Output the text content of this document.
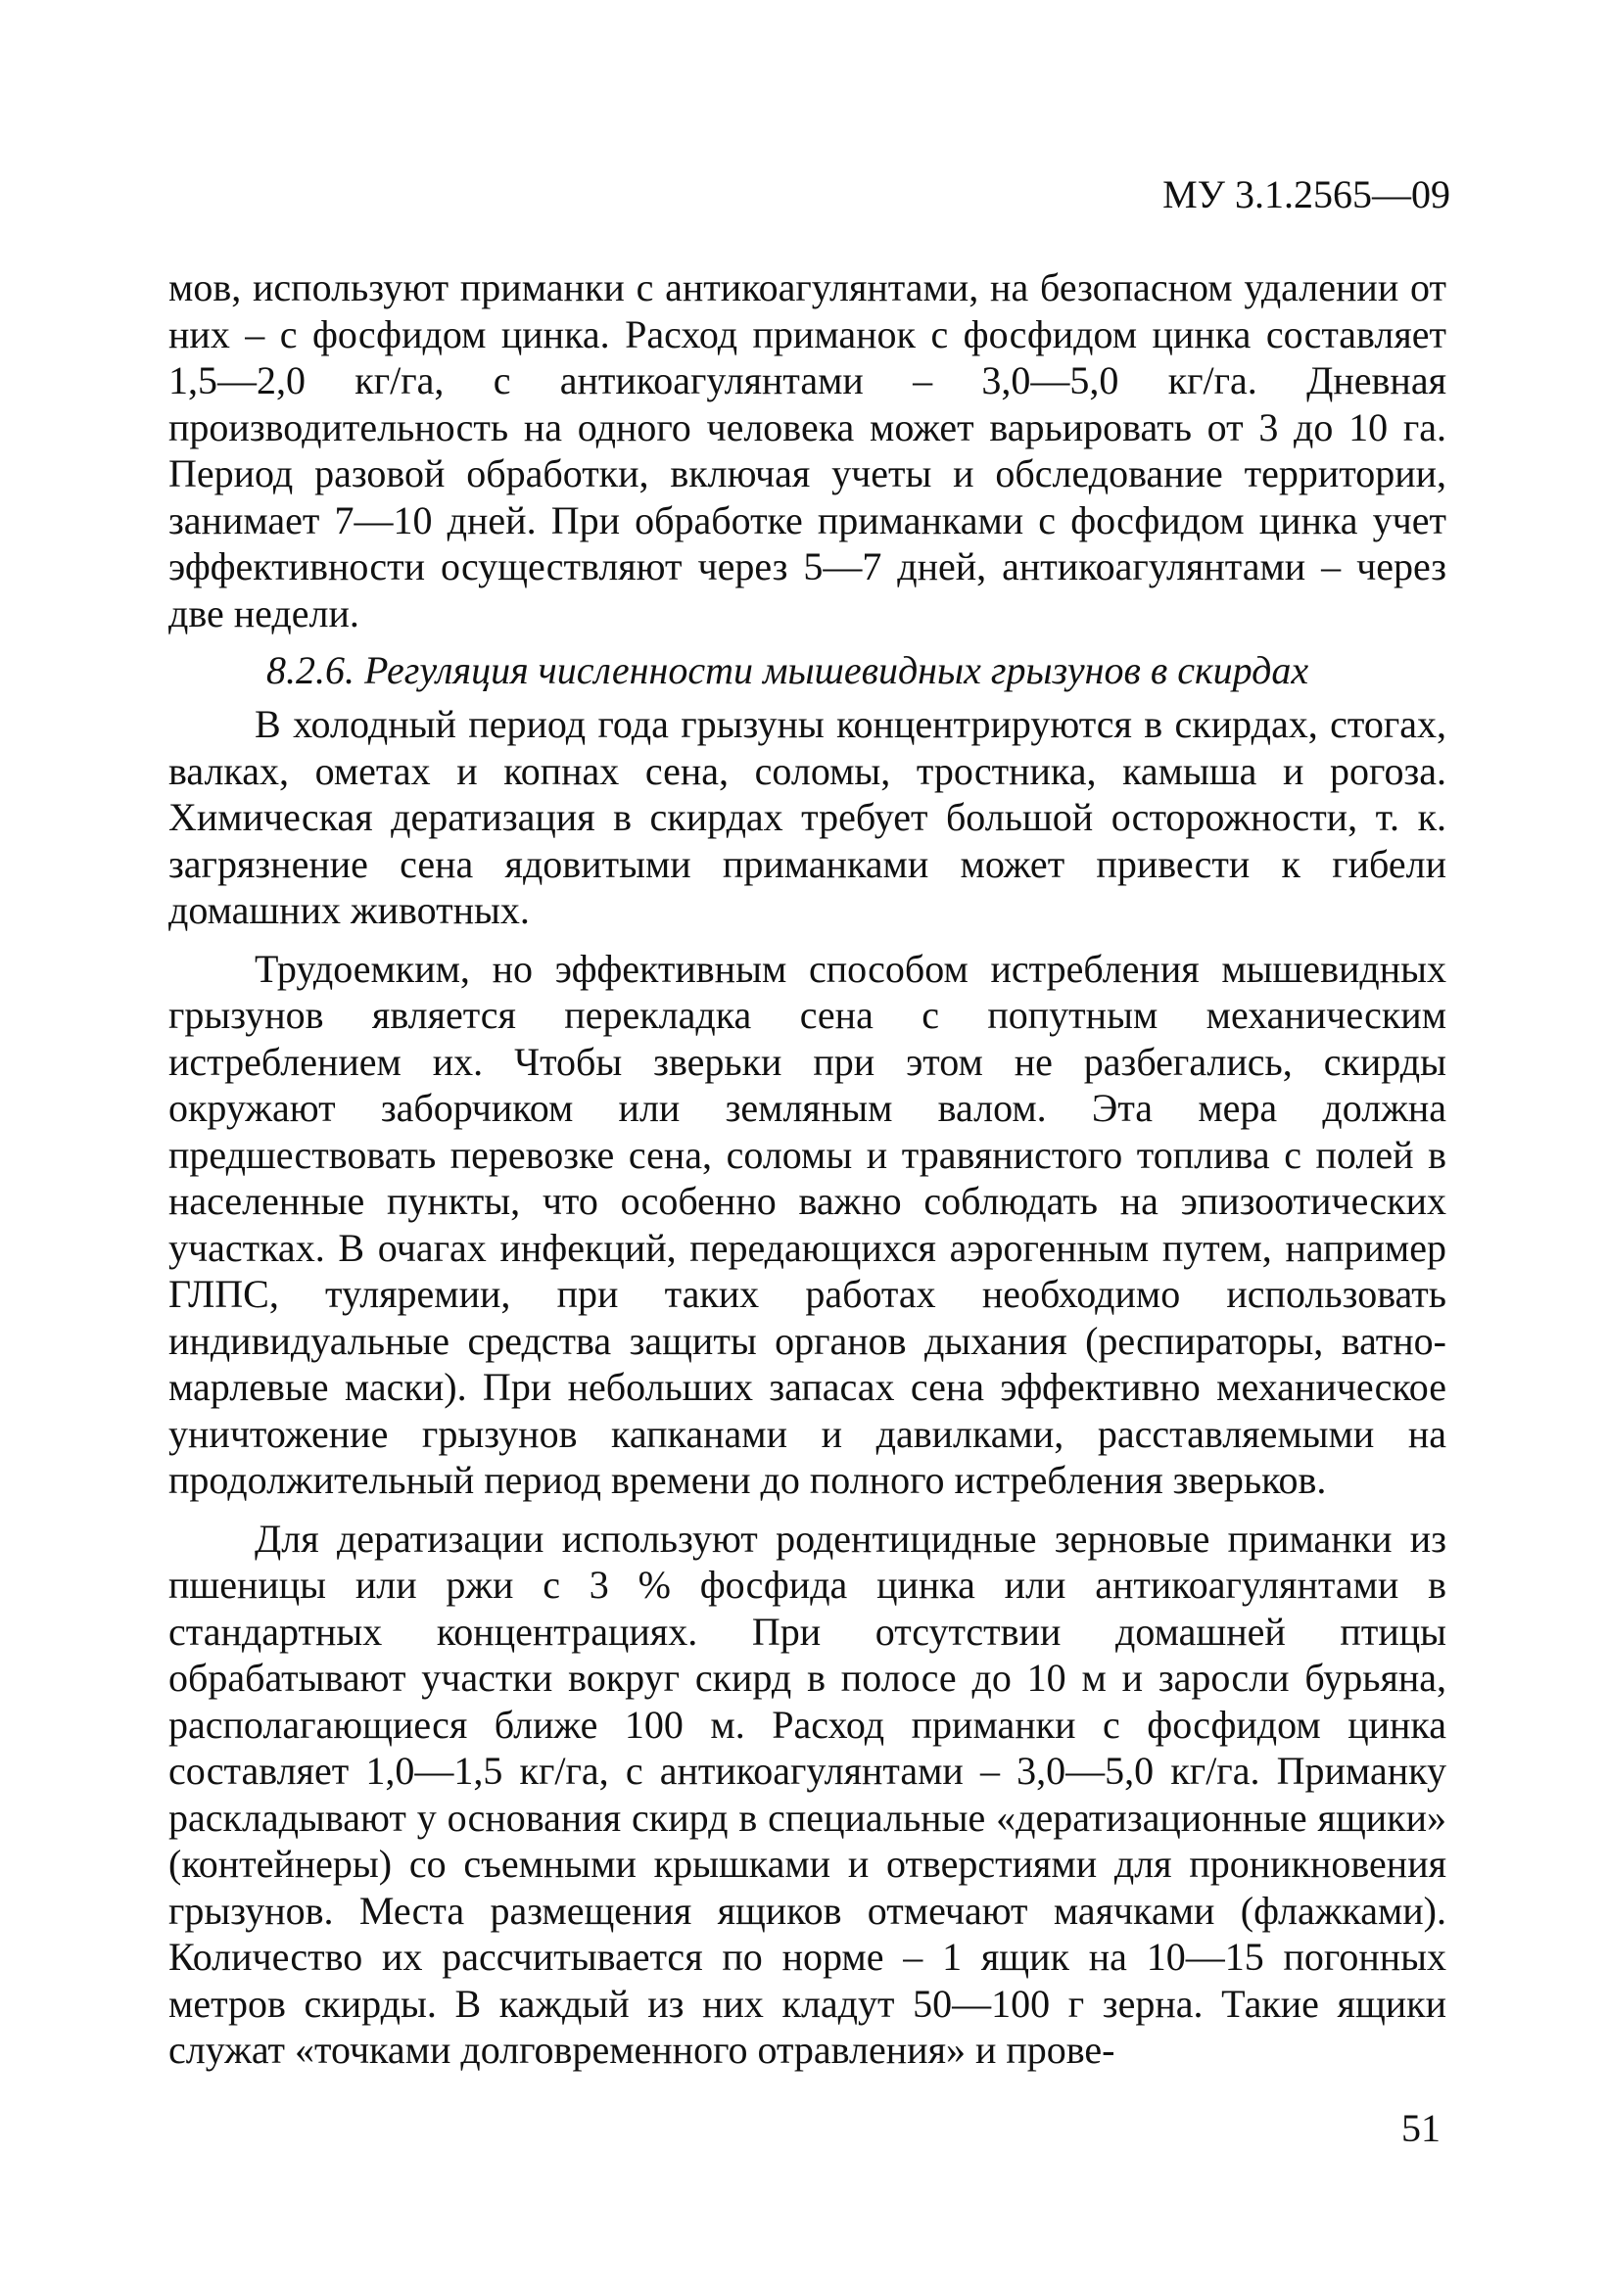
МУ 3.1.2565—09

мов, используют приманки с антикоагулянтами, на безопасном удалении от них – с фосфидом цинка. Расход приманок с фосфидом цинка составляет 1,5—2,0 кг/га, с антикоагулянтами – 3,0—5,0 кг/га. Дневная производительность на одного человека может варьировать от 3 до 10 га. Период разовой обработки, включая учеты и обследование территории, занимает 7—10 дней. При обработке приманками с фосфидом цинка учет эффективности осуществляют через 5—7 дней, антикоагулянтами – через две недели.

8.2.6. Регуляция численности мышевидных грызунов в скирдах

В холодный период года грызуны концентрируются в скирдах, стогах, валках, ометах и копнах сена, соломы, тростника, камыша и рогоза. Химическая дератизация в скирдах требует большой осторожности, т. к. загрязнение сена ядовитыми приманками может привести к гибели домашних животных.

Трудоемким, но эффективным способом истребления мышевидных грызунов является перекладка сена с попутным механическим истреблением их. Чтобы зверьки при этом не разбегались, скирды окружают заборчиком или земляным валом. Эта мера должна предшествовать перевозке сена, соломы и травянистого топлива с полей в населенные пункты, что особенно важно соблюдать на эпизоотических участках. В очагах инфекций, передающихся аэрогенным путем, например ГЛПС, туляремии, при таких работах необходимо использовать индивидуальные средства защиты органов дыхания (респираторы, ватно-марлевые маски). При небольших запасах сена эффективно механическое уничтожение грызунов капканами и давилками, расставляемыми на продолжительный период времени до полного истребления зверьков.

Для дератизации используют родентицидные зерновые приманки из пшеницы или ржи с 3 % фосфида цинка или антикоагулянтами в стандартных концентрациях. При отсутствии домашней птицы обрабатывают участки вокруг скирд в полосе до 10 м и заросли бурьяна, располагающиеся ближе 100 м. Расход приманки с фосфидом цинка составляет 1,0—1,5 кг/га, с антикоагулянтами – 3,0—5,0 кг/га. Приманку раскладывают у основания скирд в специальные «дератизационные ящики» (контейнеры) со съемными крышками и отверстиями для проникновения грызунов. Места размещения ящиков отмечают маячками (флажками). Количество их рассчитывается по норме – 1 ящик на 10—15 погонных метров скирды. В каждый из них кладут 50—100 г зерна. Такие ящики служат «точками долговременного отравления» и прове-

51
